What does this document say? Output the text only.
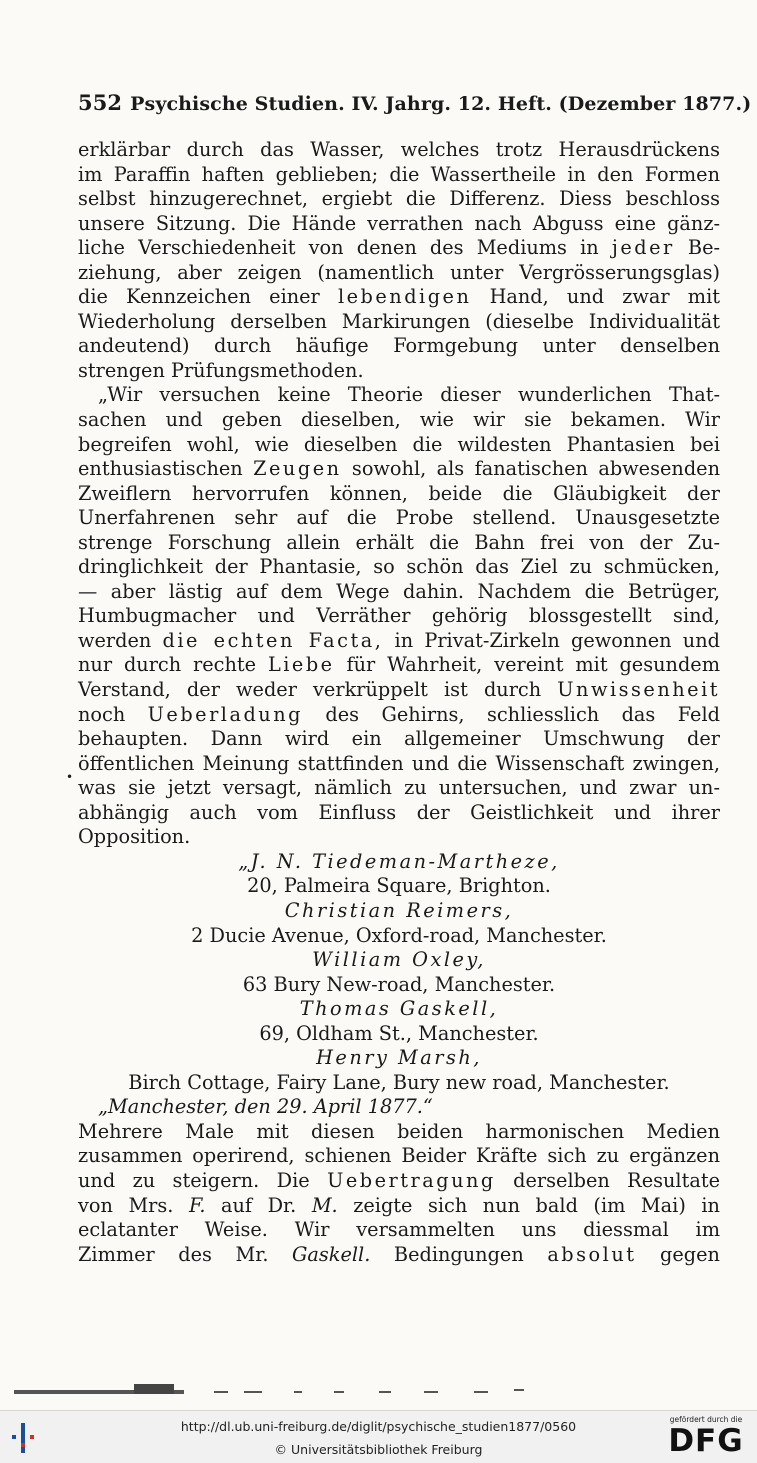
552 Psychische Studien. IV. Jahrg. 12. Heft. (Dezember 1877.)
erklärbar durch das Wasser, welches trotz Herausdrückens
im Paraffin haften geblieben; die Wassertheile in den Formen
selbst hinzugerechnet, ergiebt die Differenz. Diess beschloss
unsere Sitzung. Die Hände verrathen nach Abguss eine gänz-
liche Verschiedenheit von denen des Mediums in jeder Be-
ziehung, aber zeigen (namentlich unter Vergrösserungsglas)
die Kennzeichen einer lebendigen Hand, und zwar mit
Wiederholung derselben Markirungen (dieselbe Individualität
andeutend) durch häufige Formgebung unter denselben
strengen Prüfungsmethoden.
„Wir versuchen keine Theorie dieser wunderlichen That-
sachen und geben dieselben, wie wir sie bekamen. Wir
begreifen wohl, wie dieselben die wildesten Phantasien bei
enthusiastischen Zeugen sowohl, als fanatischen abwesenden
Zweiflern hervorrufen können, beide die Gläubigkeit der
Unerfahrenen sehr auf die Probe stellend. Unausgesetzte
strenge Forschung allein erhält die Bahn frei von der Zu-
dringlichkeit der Phantasie, so schön das Ziel zu schmücken,
— aber lästig auf dem Wege dahin. Nachdem die Betrüger,
Humbugmacher und Verräther gehörig blossgestellt sind,
werden die echten Facta, in Privat-Zirkeln gewonnen und
nur durch rechte Liebe für Wahrheit, vereint mit gesundem
Verstand, der weder verkrüppelt ist durch Unwissenheit
noch Ueberladung des Gehirns, schliesslich das Feld
behaupten. Dann wird ein allgemeiner Umschwung der
öffentlichen Meinung stattfinden und die Wissenschaft zwingen,
was sie jetzt versagt, nämlich zu untersuchen, und zwar un-
abhängig auch vom Einfluss der Geistlichkeit und ihrer
Opposition.
„J. N. Tiedeman-Martheze,
20, Palmeira Square, Brighton.
Christian Reimers,
2 Ducie Avenue, Oxford-road, Manchester.
William Oxley,
63 Bury New-road, Manchester.
Thomas Gaskell,
69, Oldham St., Manchester.
Henry Marsh,
Birch Cottage, Fairy Lane, Bury new road, Manchester.
„Manchester, den 29. April 1877.“
Mehrere Male mit diesen beiden harmonischen Medien
zusammen operirend, schienen Beider Kräfte sich zu ergänzen
und zu steigern. Die Uebertragung derselben Resultate
von Mrs. F. auf Dr. M. zeigte sich nun bald (im Mai) in
eclatanter Weise. Wir versammelten uns diessmal im
Zimmer des Mr. Gaskell. Bedingungen absolut gegen
•
http://dl.ub.uni-freiburg.de/diglit/psychische_studien1877/0560
© Universitätsbibliothek Freiburg
gefördert durch die
DFG
